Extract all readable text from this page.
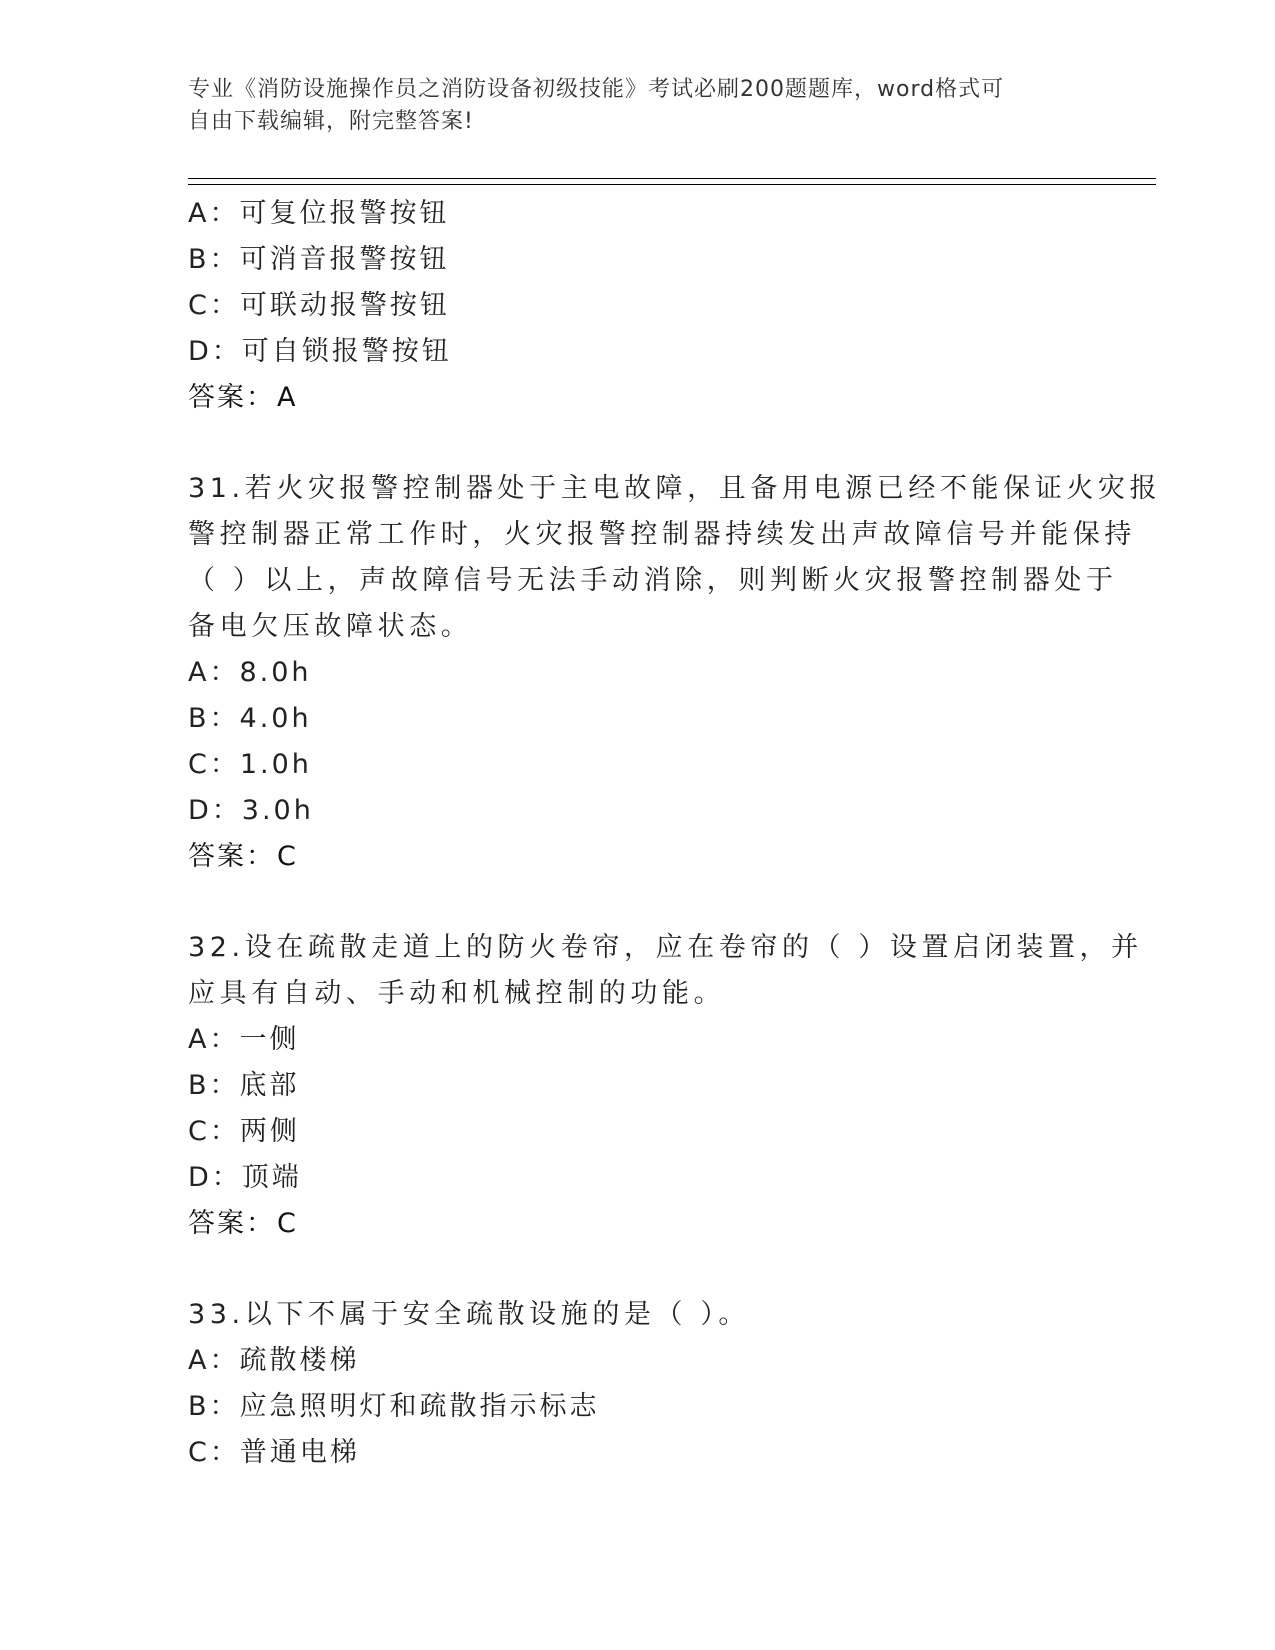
专业《消防设施操作员之消防设备初级技能》考试必刷200题题库，word格式可
自由下载编辑，附完整答案!
A：可复位报警按钮
B：可消音报警按钮
C：可联动报警按钮
D：可自锁报警按钮
答案：A
31.若火灾报警控制器处于主电故障，且备用电源已经不能保证火灾报
警控制器正常工作时，火灾报警控制器持续发出声故障信号并能保持
（ ）以上，声故障信号无法手动消除，则判断火灾报警控制器处于
备电欠压故障状态。
A：8.0h
B：4.0h
C：1.0h
D：3.0h
答案：C
32.设在疏散走道上的防火卷帘，应在卷帘的（ ）设置启闭装置，并
应具有自动、手动和机械控制的功能。
A：一侧
B：底部
C：两侧
D：顶端
答案：C
33.以下不属于安全疏散设施的是（ ）。
A：疏散楼梯
B：应急照明灯和疏散指示标志
C：普通电梯
